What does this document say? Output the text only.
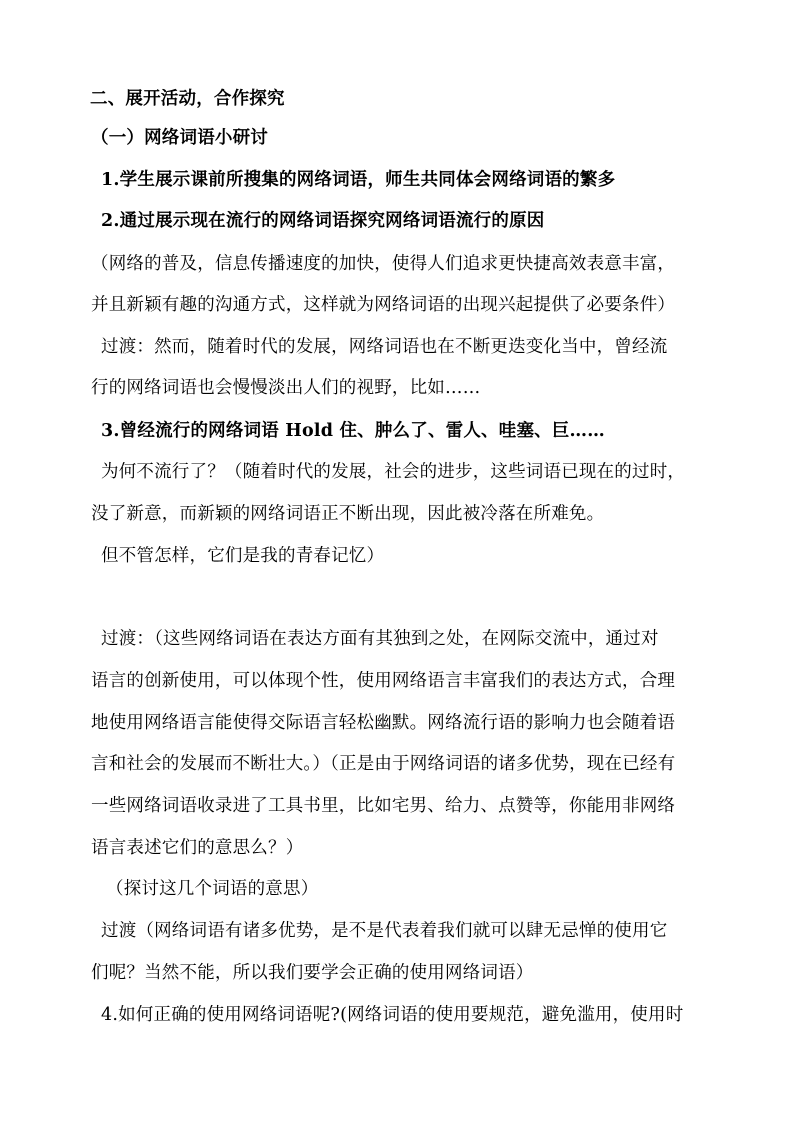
二、展开活动，合作探究
（一）网络词语小研讨
1.学生展示课前所搜集的网络词语，师生共同体会网络词语的繁多
2.通过展示现在流行的网络词语探究网络词语流行的原因
（网络的普及，信息传播速度的加快，使得人们追求更快捷高效表意丰富，
并且新颖有趣的沟通方式，这样就为网络词语的出现兴起提供了必要条件）
过渡：然而，随着时代的发展，网络词语也在不断更迭变化当中，曾经流
行的网络词语也会慢慢淡出人们的视野，比如……
3.曾经流行的网络词语 Hold 住、肿么了、雷人、哇塞、巨……
为何不流行了？（随着时代的发展，社会的进步，这些词语已现在的过时，
没了新意，而新颖的网络词语正不断出现，因此被冷落在所难免。
但不管怎样，它们是我的青春记忆）
过渡：（这些网络词语在表达方面有其独到之处，在网际交流中，通过对
语言的创新使用，可以体现个性，使用网络语言丰富我们的表达方式，合理
地使用网络语言能使得交际语言轻松幽默。网络流行语的影响力也会随着语
言和社会的发展而不断壮大。）（正是由于网络词语的诸多优势，现在已经有
一些网络词语收录进了工具书里，比如宅男、给力、点赞等，你能用非网络
语言表述它们的意思么？）
（探讨这几个词语的意思）
过渡（网络词语有诸多优势，是不是代表着我们就可以肆无忌惮的使用它
们呢？当然不能，所以我们要学会正确的使用网络词语）
4.如何正确的使用网络词语呢?(网络词语的使用要规范，避免滥用，使用时
